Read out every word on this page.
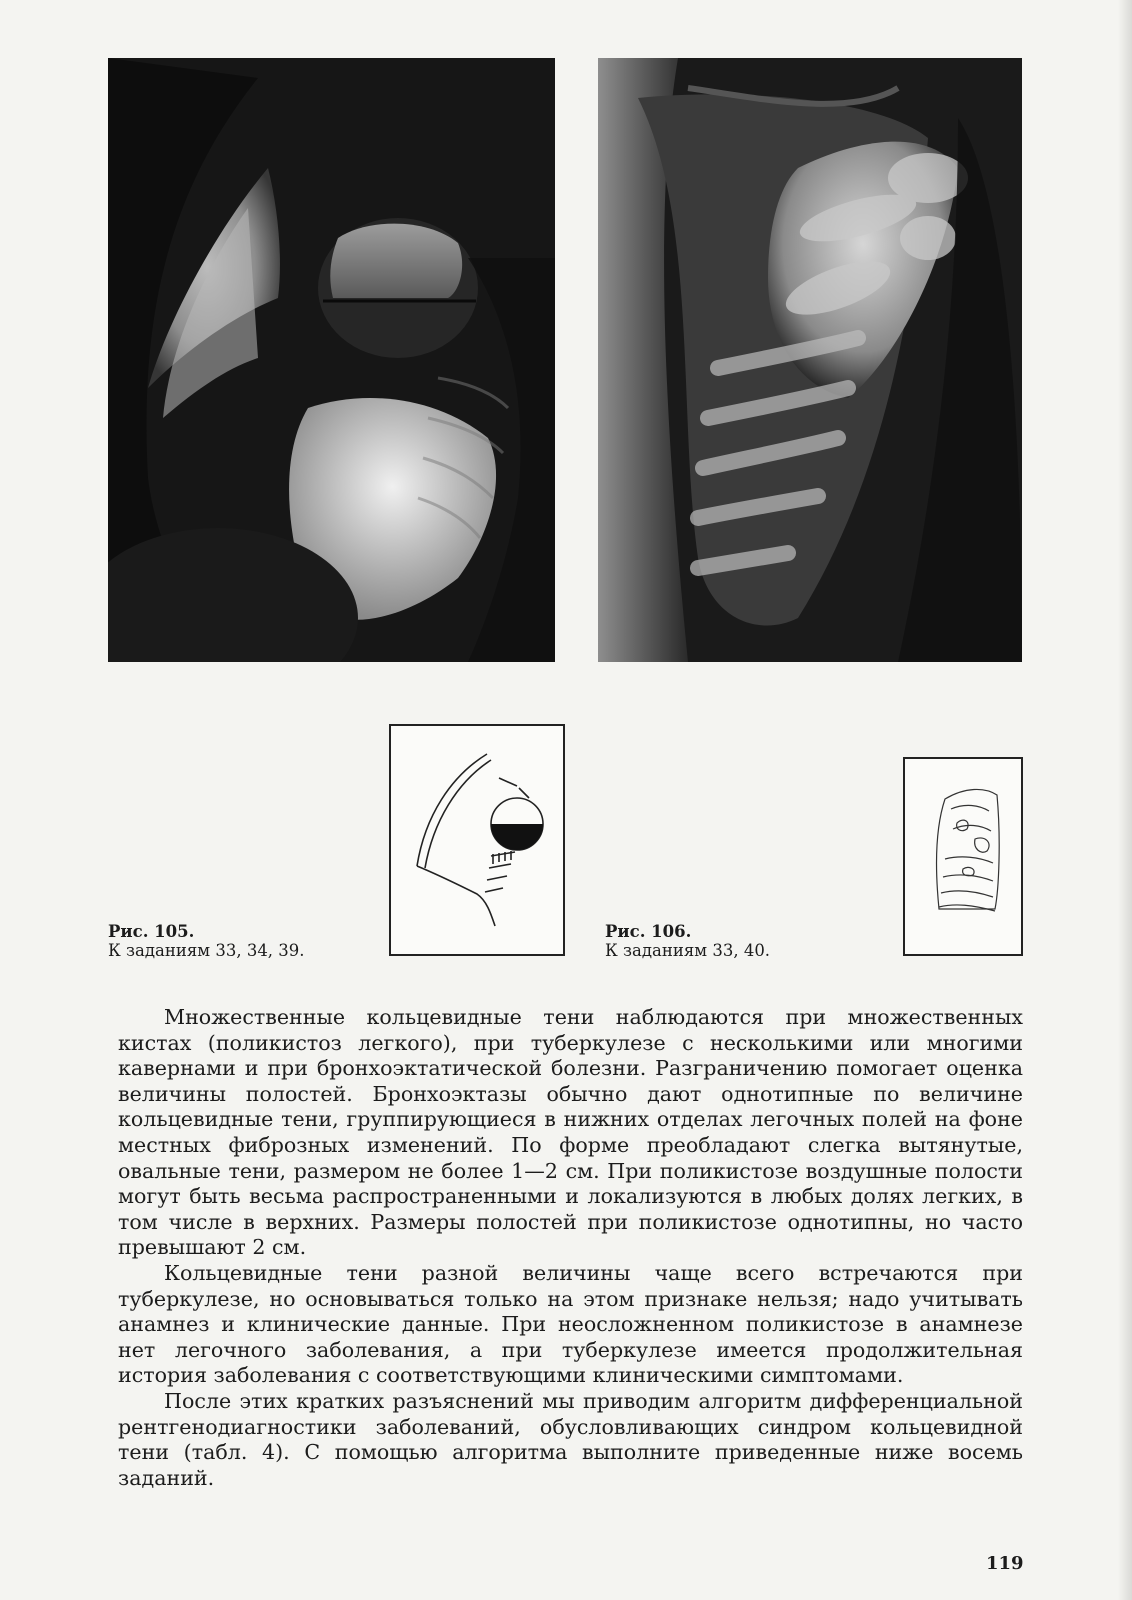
Рис. 105.
К заданиям 33, 34, 39.
Рис. 106.
К заданиям 33, 40.

Множественные кольцевидные тени наблюдаются при множественных кистах (поликистоз легкого), при туберкулезе с несколькими или многими кавернами и при бронхоэктатической болезни. Разграничению помогает оценка величины полостей. Бронхоэктазы обычно дают однотипные по величине кольцевидные тени, группирующиеся в нижних отделах легочных полей на фоне местных фиброзных изменений. По форме преобладают слегка вытянутые, овальные тени, размером не более 1—2 см. При поликистозе воздушные полости могут быть весьма распространенными и локализуются в любых долях легких, в том числе в верхних. Размеры полостей при поликистозе однотипны, но часто превышают 2 см.

Кольцевидные тени разной величины чаще всего встречаются при туберкулезе, но основываться только на этом признаке нельзя; надо учитывать анамнез и клинические данные. При неосложненном поликистозе в анамнезе нет легочного заболевания, а при туберкулезе имеется продолжительная история заболевания с соответствующими клиническими симптомами.

После этих кратких разъяснений мы приводим алгоритм дифференциальной рентгенодиагностики заболеваний, обусловливающих синдром кольцевидной тени (табл. 4). С помощью алгоритма выполните приведенные ниже восемь заданий.

119
